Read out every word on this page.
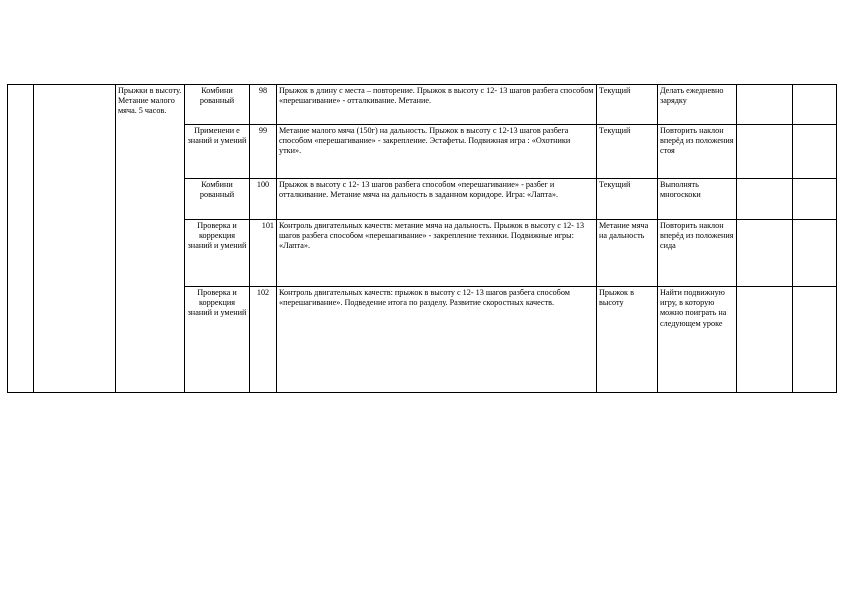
		Прыжки в высоту. Метание малого мяча. 5 часов.	Комбини рованный	98	Прыжок в длину с места – повторение. Прыжок в высоту с 12- 13 шагов разбега способом «перешагивание» - отталкивание. Метание.	Текущий	Делать ежедневно зарядку		
			Применени е знаний и умений	99	Метание малого мяча (150г) на дальность. Прыжок в высоту с 12-13 шагов разбега способом «перешагивание» - закрепление. Эстафеты. Подвижная игра : «Охотники утки».	Текущий	Повторить наклон вперёд из положения стоя		
			Комбини рованный	100	Прыжок в высоту с 12- 13 шагов разбега способом «перешагивание» - разбег и отталкивание. Метание мяча на дальность в заданном коридоре. Игра: «Лапта».	Текущий	Выполнять многоскоки		
			Проверка и коррекция знаний и умений	101	Контроль двигательных качеств: метание мяча на дальность. Прыжок в высоту с 12- 13 шагов разбега способом «перешагивание» - закрепление техники. Подвижные игры: «Лапта».	Метание мяча на дальность	Повторить наклон вперёд из положения сида		
			Проверка и коррекция знаний и умений	102	Контроль двигательных качеств: прыжок в высоту с 12- 13 шагов разбега способом «перешагивание». Подведение итога по разделу. Развитие скоростных качеств.	Прыжок в высоту	Найти подвижную игру, в которую можно поиграть на следующем уроке		
